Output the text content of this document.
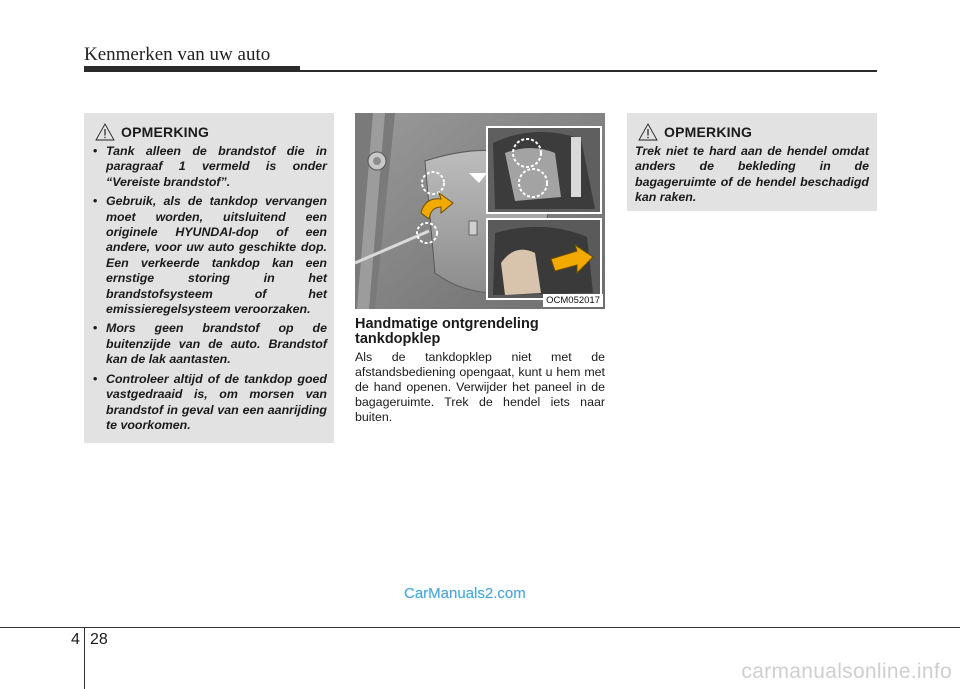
Kenmerken van uw auto
OPMERKING
• Tank alleen de brandstof die in paragraaf 1 vermeld is onder “Vereiste brandstof”.
• Gebruik, als de tankdop vervangen moet worden, uitsluitend een originele HYUNDAI-dop of een andere, voor uw auto geschikte dop. Een verkeerde tankdop kan een ernstige storing in het brandstofsysteem of het emissieregelsysteem veroorzaken.
• Mors geen brandstof op de buitenzijde van de auto. Brandstof kan de lak aantasten.
• Controleer altijd of de tankdop goed vastgedraaid is, om morsen van brandstof in geval van een aanrijding te voorkomen.
OCM052017
Handmatige ontgrendeling tankdopklep
Als de tankdopklep niet met de afstandsbediening opengaat, kunt u hem met de hand openen. Verwijder het paneel in de bagageruimte. Trek de hendel iets naar buiten.
OPMERKING
Trek niet te hard aan de hendel omdat anders de bekleding in de bagageruimte of de hendel beschadigd kan raken.
CarManuals2.com
4 28
carmanualsonline.info
